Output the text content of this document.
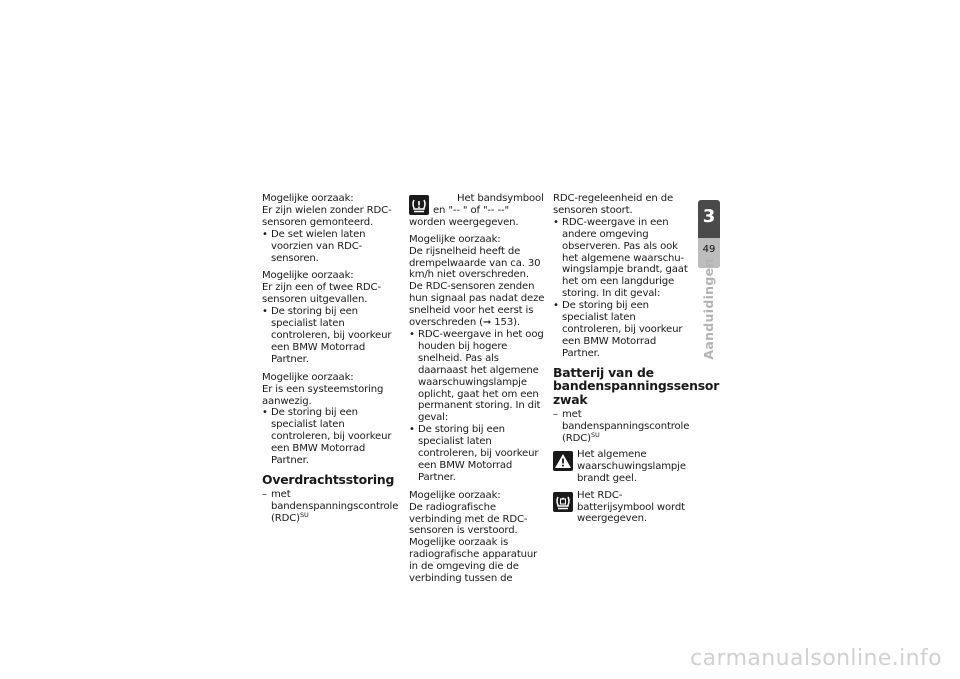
Mogelijke oorzaak:

Er zijn wielen zonder RDC-sensoren gemonteerd.

• De set wielen laten voorzien van RDC-sensoren.

Mogelijke oorzaak:

Er zijn een of twee RDC-sensoren uitgevallen.

• De storing bij een specialist laten controleren, bij voorkeur een BMW Motorrad Partner.

Mogelijke oorzaak:

Er is een systeemstoring aanwezig.

• De storing bij een specialist laten controleren, bij voorkeur een BMW Motorrad Partner.

Overdrachtsstoring

– met bandenspanningscontrole (RDC)$^{SU}$

Het bandsymbool en "-- " of "-- --" worden weergegeven.

Mogelijke oorzaak:

De rijsnelheid heeft de drempelwaarde van ca. 30 km/h niet overschreden. De RDC-sensoren zenden hun signaal pas nadat deze snelheid voor het eerst is overschreden (➞ 153).

• RDC-weergave in het oog houden bij hogere snelheid. Pas als daarnaast het algemene waarschuwingslampje oplicht, gaat het om een permanent storing. In dit geval:

• De storing bij een specialist laten controleren, bij voorkeur een BMW Motorrad Partner.

Mogelijke oorzaak:

De radiografische verbinding met de RDC-sensoren is verstoord. Mogelijke oorzaak is radiografische apparatuur in de omgeving die de verbinding tussen de

RDC-regeleenheid en de sensoren stoort.

• RDC-weergave in een andere omgeving observeren. Pas als ook het algemene waarschuwingslampje brandt, gaat het om een langdurige storing. In dit geval:

• De storing bij een specialist laten controleren, bij voorkeur een BMW Motorrad Partner.

Batterij van de bandenspanningssensor zwak

– met bandenspanningscontrole (RDC)$^{SU}$

Het algemene waarschuwingslampje brandt geel.
Het RDC-batterijsymbool wordt weergegeven.
3
49
Aanduidingen
carmanualsonline.info
